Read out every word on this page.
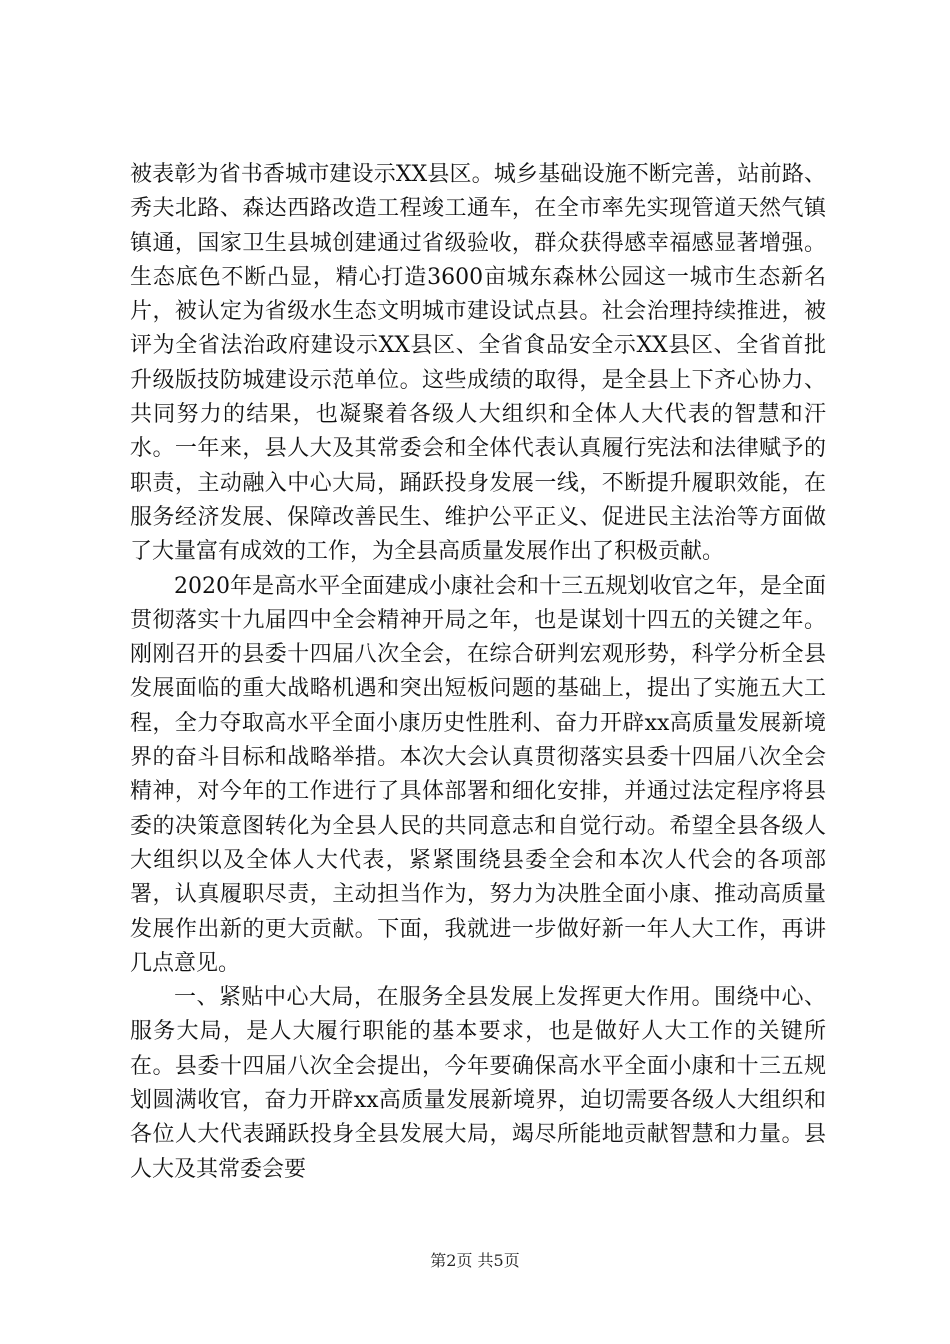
被表彰为省书香城市建设示XX县区。城乡基础设施不断完善，站前路、秀夫北路、森达西路改造工程竣工通车，在全市率先实现管道天然气镇镇通，国家卫生县城创建通过省级验收，群众获得感幸福感显著增强。生态底色不断凸显，精心打造3600亩城东森林公园这一城市生态新名片，被认定为省级水生态文明城市建设试点县。社会治理持续推进，被评为全省法治政府建设示XX县区、全省食品安全示XX县区、全省首批升级版技防城建设示范单位。这些成绩的取得，是全县上下齐心协力、共同努力的结果，也凝聚着各级人大组织和全体人大代表的智慧和汗水。一年来，县人大及其常委会和全体代表认真履行宪法和法律赋予的职责，主动融入中心大局，踊跃投身发展一线，不断提升履职效能，在服务经济发展、保障改善民生、维护公平正义、促进民主法治等方面做了大量富有成效的工作，为全县高质量发展作出了积极贡献。

2020年是高水平全面建成小康社会和十三五规划收官之年，是全面贯彻落实十九届四中全会精神开局之年，也是谋划十四五的关键之年。刚刚召开的县委十四届八次全会，在综合研判宏观形势，科学分析全县发展面临的重大战略机遇和突出短板问题的基础上，提出了实施五大工程，全力夺取高水平全面小康历史性胜利、奋力开辟xx高质量发展新境界的奋斗目标和战略举措。本次大会认真贯彻落实县委十四届八次全会精神，对今年的工作进行了具体部署和细化安排，并通过法定程序将县委的决策意图转化为全县人民的共同意志和自觉行动。希望全县各级人大组织以及全体人大代表，紧紧围绕县委全会和本次人代会的各项部署，认真履职尽责，主动担当作为，努力为决胜全面小康、推动高质量发展作出新的更大贡献。下面，我就进一步做好新一年人大工作，再讲几点意见。

一、紧贴中心大局，在服务全县发展上发挥更大作用。围绕中心、服务大局，是人大履行职能的基本要求，也是做好人大工作的关键所在。县委十四届八次全会提出，今年要确保高水平全面小康和十三五规划圆满收官，奋力开辟xx高质量发展新境界，迫切需要各级人大组织和各位人大代表踊跃投身全县发展大局，竭尽所能地贡献智慧和力量。县人大及其常委会要

第2页 共5页
